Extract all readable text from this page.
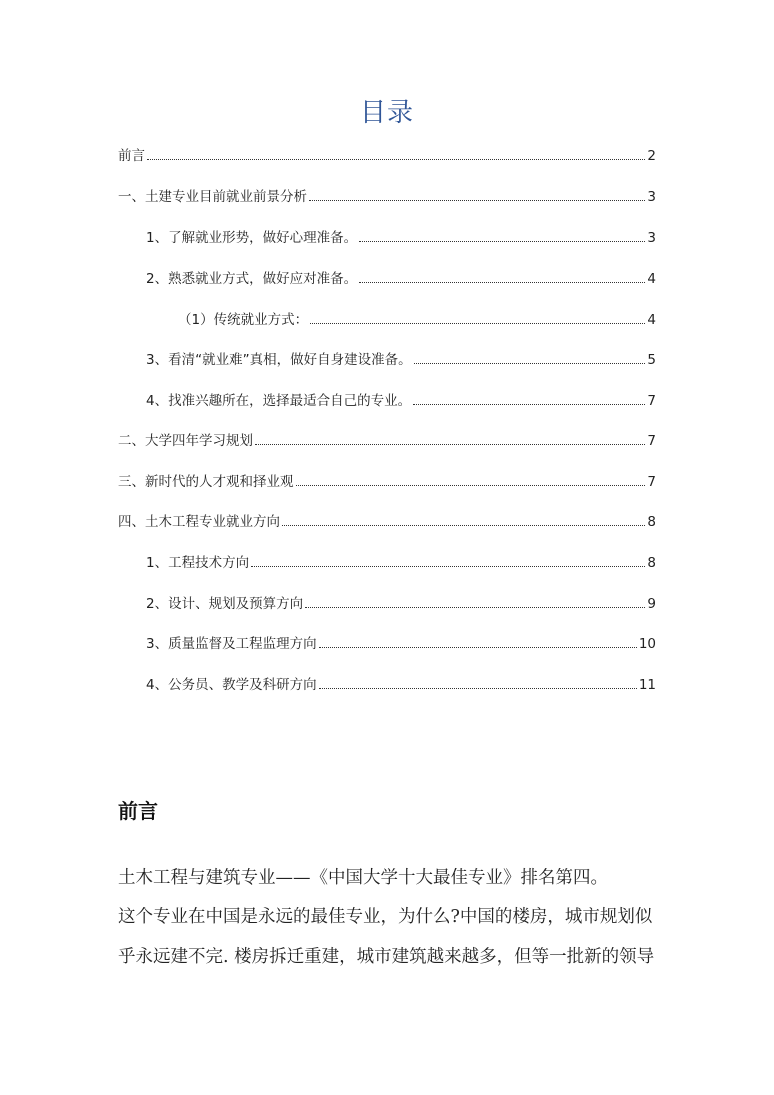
目录
前言	2
一、土建专业目前就业前景分析	3
1、了解就业形势，做好心理准备。	3
2、熟悉就业方式，做好应对准备。	4
（1）传统就业方式：	4
3、看清“就业难”真相，做好自身建设准备。	5
4、找准兴趣所在，选择最适合自己的专业。	7
二、大学四年学习规划	7
三、新时代的人才观和择业观	7
四、土木工程专业就业方向	8
1、工程技术方向	8
2、设计、规划及预算方向	9
3、质量监督及工程监理方向	10
4、公务员、教学及科研方向	11
前言
土木工程与建筑专业——《中国大学十大最佳专业》排名第四。
这个专业在中国是永远的最佳专业，为什么?中国的楼房，城市规划似
乎永远建不完. 楼房拆迁重建，城市建筑越来越多，但等一批新的领导
